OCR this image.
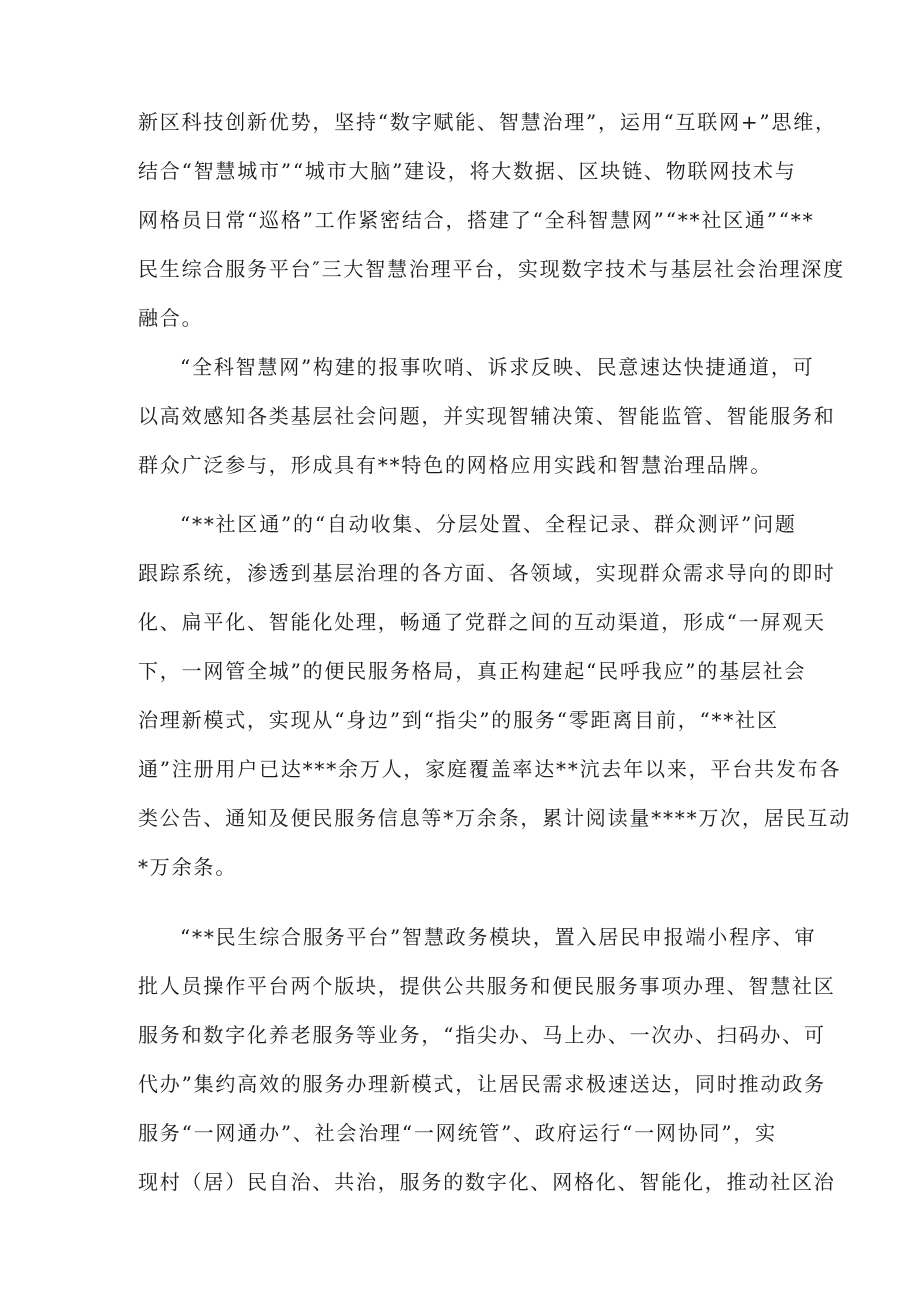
新区科技创新优势，坚持“数字赋能、智慧治理”，运用“互联网+”思维，

结合“智慧城市”“城市大脑”建设，将大数据、区块链、物联网技术与

网格员日常“巡格”工作紧密结合，搭建了“全科智慧网”“**社区通”“**

民生综合服务平台″三大智慧治理平台，实现数字技术与基层社会治理深度

融合。

“全科智慧网”构建的报事吹哨、诉求反映、民意速达快捷通道，可

以高效感知各类基层社会问题，并实现智辅决策、智能监管、智能服务和

群众广泛参与，形成具有**特色的网格应用实践和智慧治理品牌。

“**社区通”的“自动收集、分层处置、全程记录、群众测评”问题

跟踪系统，渗透到基层治理的各方面、各领域，实现群众需求导向的即时

化、扁平化、智能化处理，畅通了党群之间的互动渠道，形成“一屏观天

下，一网管全城”的便民服务格局，真正构建起“民呼我应”的基层社会

治理新模式，实现从“身边”到“指尖”的服务“零距离目前，“**社区

通”注册用户已达***余万人，家庭覆盖率达**沆去年以来，平台共发布各

类公告、通知及便民服务信息等*万余条，累计阅读量****万次，居民互动

*万余条。

“**民生综合服务平台”智慧政务模块，置入居民申报端小程序、审

批人员操作平台两个版块，提供公共服务和便民服务事项办理、智慧社区

服务和数字化养老服务等业务，“指尖办、马上办、一次办、扫码办、可

代办”集约高效的服务办理新模式，让居民需求极速送达，同时推动政务

服务“一网通办”、社会治理“一网统管”、政府运行“一网协同”，实

现村（居）民自治、共治，服务的数字化、网格化、智能化，推动社区治
